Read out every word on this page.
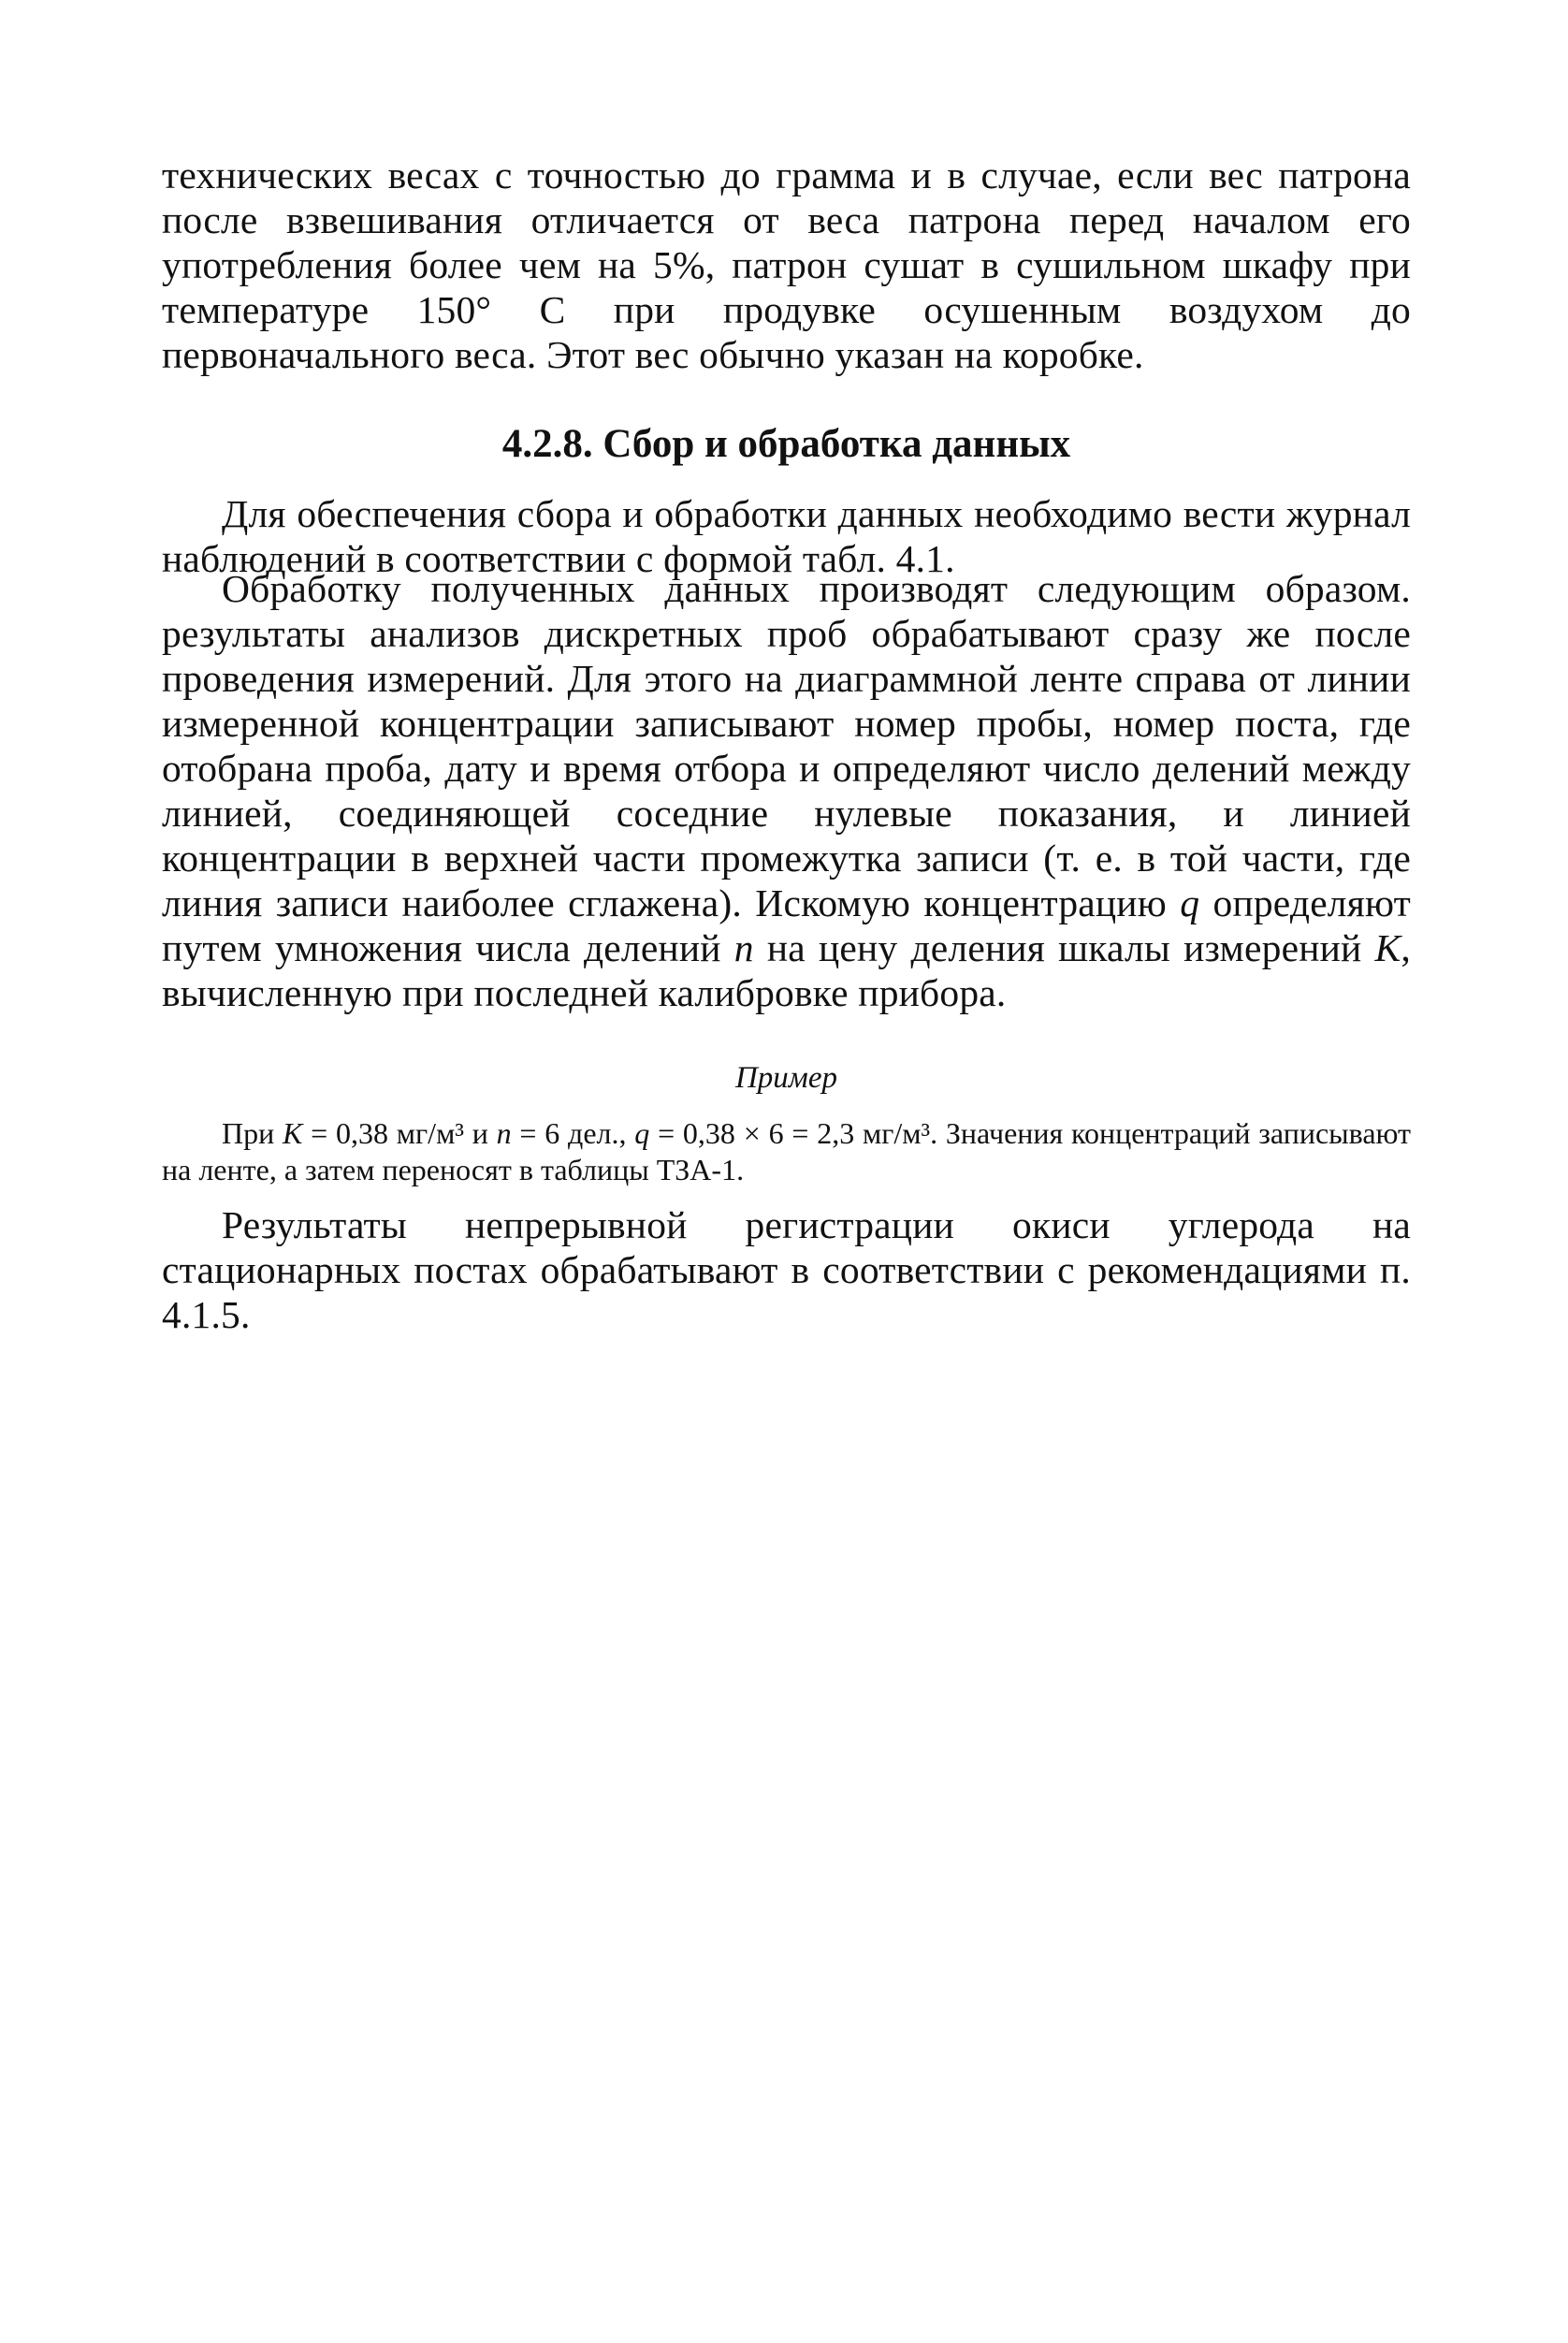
технических весах с точностью до грамма и в случае, если вес патрона после взвешивания отличается от веса патрона перед началом его употребления более чем на 5%, патрон сушат в сушильном шкафу при температуре 150° С при продувке осушенным воздухом до первоначального веса. Этот вес обычно указан на коробке.

4.2.8. Сбор и обработка данных

Для обеспечения сбора и обработки данных необходимо вести журнал наблюдений в соответствии с формой табл. 4.1.

Обработку полученных данных производят следующим образом. результаты анализов дискретных проб обрабатывают сразу же после проведения измерений. Для этого на диаграммной ленте справа от линии измеренной концентрации записывают номер пробы, номер поста, где отобрана проба, дату и время отбора и определяют число делений между линией, соединяющей соседние нулевые показания, и линией концентрации в верхней части промежутка записи (т. е. в той части, где линия записи наиболее сглажена). Искомую концентрацию q определяют путем умножения числа делений n на цену деления шкалы измерений K, вычисленную при последней калибровке прибора.

Пример

При K = 0,38 мг/м³ и n = 6 дел., q = 0,38 × 6 = 2,3 мг/м³. Значения концентраций записывают на ленте, а затем переносят в таблицы ТЗА-1.

Результаты непрерывной регистрации окиси углерода на стационарных постах обрабатывают в соответствии с рекомендациями п. 4.1.5.
